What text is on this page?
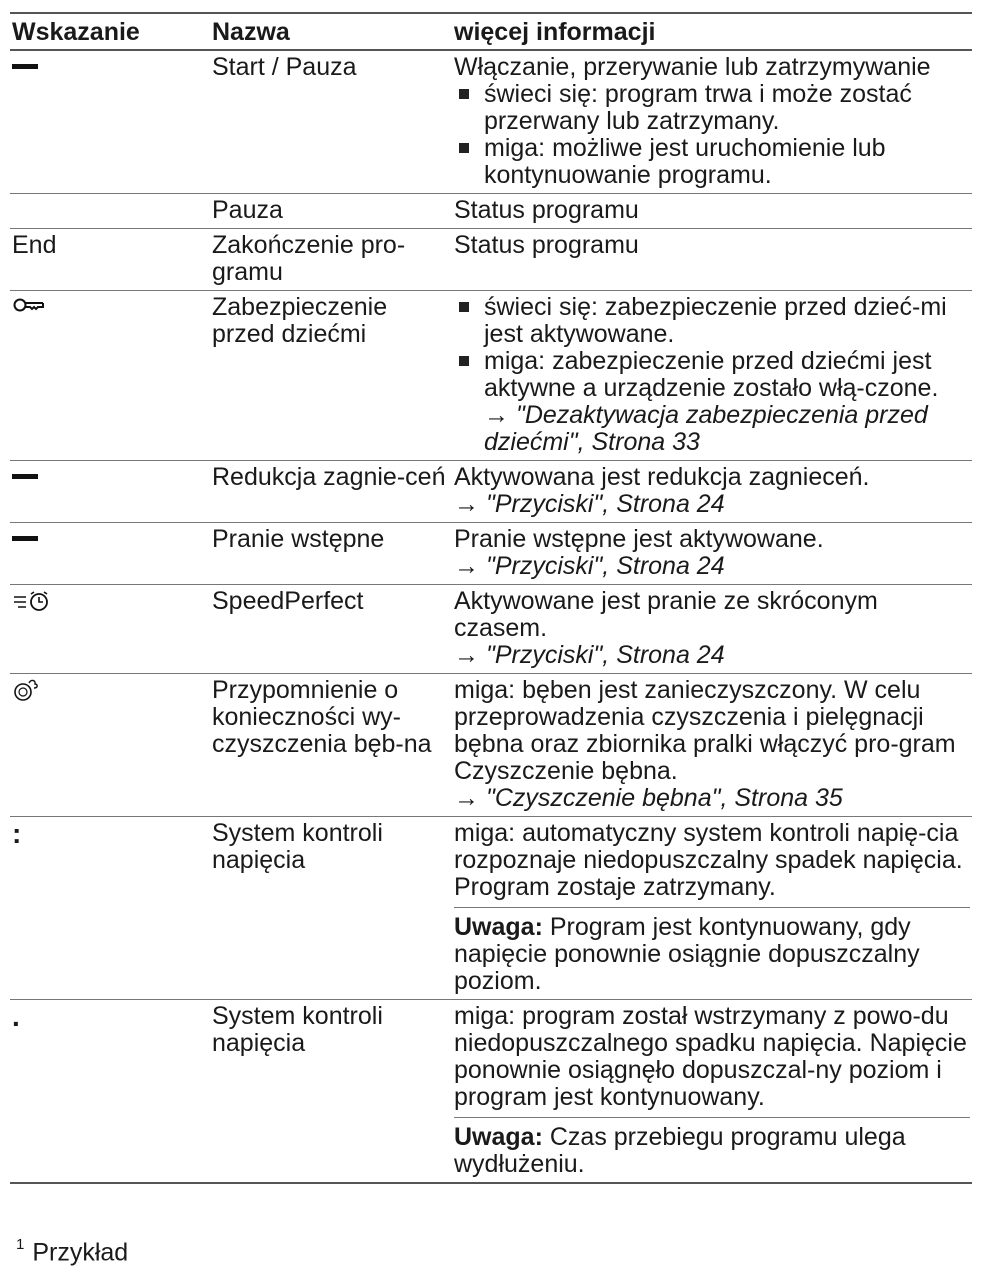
Wskazanie	Nazwa	więcej informacji
	Start / Pauza	Włączanie, przerywanie lub zatrzymywanie
świeci się: program trwa i może zostać przerwany lub zatrzymany.
miga: możliwe jest uruchomienie lub kontynuowanie programu.

	Pauza	Status programu
End	Zakończenie pro-gramu	Status programu
	Zabezpieczenie przed dziećmi	świeci się: zabezpieczenie przed dzieć-mi jest aktywowane.
miga: zabezpieczenie przed dziećmi jest aktywne a urządzenie zostało włą-czone.
→ "Dezaktywacja zabezpieczenia przed dziećmi", Strona 33

	Redukcja zagnie-ceń	Aktywowana jest redukcja zagnieceń.
→ "Przyciski", Strona 24

	Pranie wstępne	Pranie wstępne jest aktywowane.
→ "Przyciski", Strona 24

	SpeedPerfect	Aktywowane jest pranie ze skróconym czasem.
→ "Przyciski", Strona 24

	Przypomnienie o konieczności wy-czyszczenia bęb-na	miga: bęben jest zanieczyszczony. W celu przeprowadzenia czyszczenia i pielęgnacji bębna oraz zbiornika pralki włączyć pro-gram Czyszczenie bębna.
→ "Czyszczenie bębna", Strona 35

:	System kontroli napięcia	miga: automatyczny system kontroli napię-cia rozpoznaje niedopuszczalny spadek napięcia. Program zostaje zatrzymany.
Uwaga: Program jest kontynuowany, gdy napięcie ponownie osiągnie dopuszczalny poziom.

.	System kontroli napięcia	miga: program został wstrzymany z powo-du niedopuszczalnego spadku napięcia. Napięcie ponownie osiągnęło dopuszczal-ny poziom i program jest kontynuowany.
Uwaga: Czas przebiegu programu ulega wydłużeniu.
$^1$ Przykład
